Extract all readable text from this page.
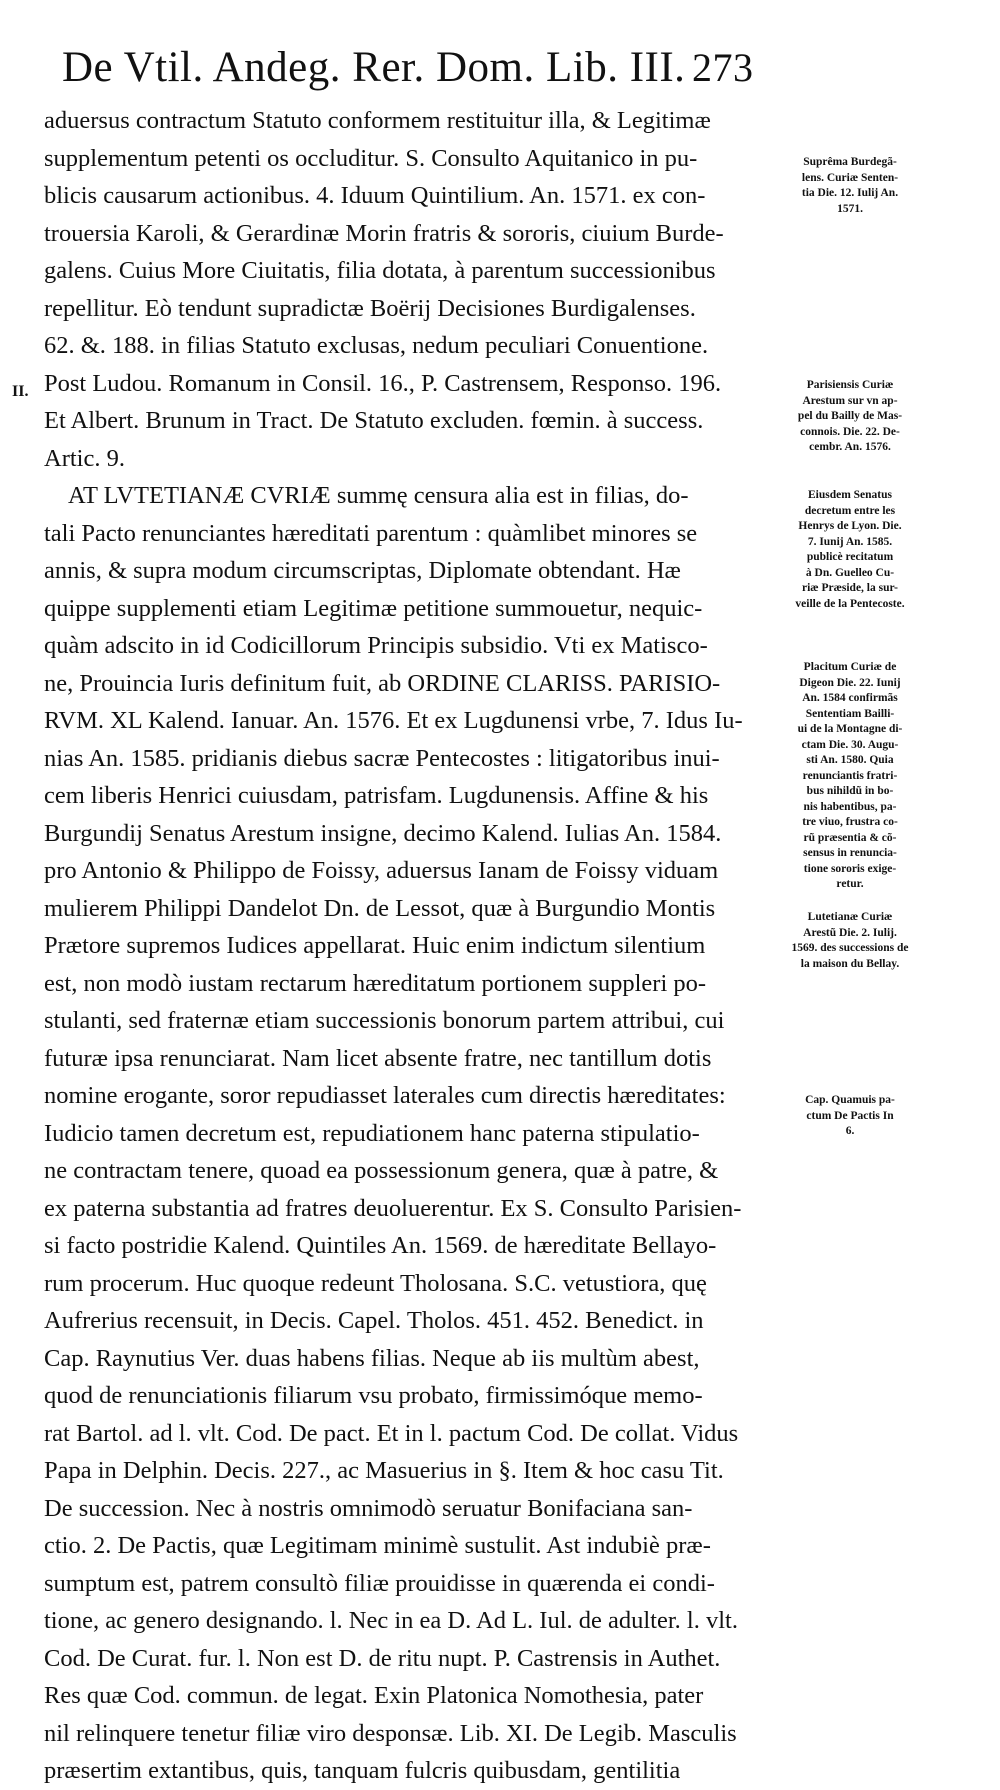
De Vtil. Andeg. Rer. Dom. Lib. III. 273
II.
aduersus contractum Statuto conformem restituitur illa, & Legitimæ
supplementum petenti os occluditur. S. Consulto Aquitanico in pu-
blicis causarum actionibus. 4. Iduum Quintilium. An. 1571. ex con-
trouersia Karoli, & Gerardinæ Morin fratris & sororis, ciuium Burde-
galens. Cuius More Ciuitatis, filia dotata, à parentum successionibus
repellitur. Eò tendunt supradictæ Boërij Decisiones Burdigalenses.
62. &. 188. in filias Statuto exclusas, nedum peculiari Conuentione.
Post Ludou. Romanum in Consil. 16., P. Castrensem, Responso. 196.
Et Albert. Brunum in Tract. De Statuto excluden. fœmin. à success.
Artic. 9.
AT LVTETIANÆ CVRIÆ summę censura alia est in filias, do-
tali Pacto renunciantes hæreditati parentum : quàmlibet minores se
annis, & supra modum circumscriptas, Diplomate obtendant. Hæ
quippe supplementi etiam Legitimæ petitione summouetur, nequic-
quàm adscito in id Codicillorum Principis subsidio. Vti ex Matisco-
ne, Prouincia Iuris definitum fuit, ab ORDINE CLARISS. PARISIO-
RVM. XL Kalend. Ianuar. An. 1576. Et ex Lugdunensi vrbe, 7. Idus Iu-
nias An. 1585. pridianis diebus sacræ Pentecostes : litigatoribus inui-
cem liberis Henrici cuiusdam, patrisfam. Lugdunensis. Affine & his
Burgundij Senatus Arestum insigne, decimo Kalend. Iulias An. 1584.
pro Antonio & Philippo de Foissy, aduersus Ianam de Foissy viduam
mulierem Philippi Dandelot Dn. de Lessot, quæ à Burgundio Montis
Prætore supremos Iudices appellarat. Huic enim indictum silentium
est, non modò iustam rectarum hæreditatum portionem suppleri po-
stulanti, sed fraternæ etiam successionis bonorum partem attribui, cui
futuræ ipsa renunciarat. Nam licet absente fratre, nec tantillum dotis
nomine erogante, soror repudiasset laterales cum directis hæreditates:
Iudicio tamen decretum est, repudiationem hanc paterna stipulatio-
ne contractam tenere, quoad ea possessionum genera, quæ à patre, &
ex paterna substantia ad fratres deuoluerentur. Ex S. Consulto Parisien-
si facto postridie Kalend. Quintiles An. 1569. de hæreditate Bellayo-
rum procerum. Huc quoque redeunt Tholosana. S.C. vetustiora, quę
Aufrerius recensuit, in Decis. Capel. Tholos. 451. 452. Benedict. in
Cap. Raynutius Ver. duas habens filias. Neque ab iis multùm abest,
quod de renunciationis filiarum vsu probato, firmissimóque memo-
rat Bartol. ad l. vlt. Cod. De pact. Et in l. pactum Cod. De collat. Vidus
Papa in Delphin. Decis. 227., ac Masuerius in §. Item & hoc casu Tit.
De succession. Nec à nostris omnimodò seruatur Bonifaciana san-
ctio. 2. De Pactis, quæ Legitimam minimè sustulit. Ast indubiè præ-
sumptum est, patrem consultò filiæ prouidisse in quærenda ei condi-
tione, ac genero designando. l. Nec in ea D. Ad L. Iul. de adulter. l. vlt.
Cod. De Curat. fur. l. Non est D. de ritu nupt. P. Castrensis in Authet.
Res quæ Cod. commun. de legat. Exin Platonica Nomothesia, pater
nil relinquere tenetur filiæ viro desponsæ. Lib. XI. De Legib. Masculis
præsertim extantibus, quis, tanquam fulcris quibusdam, gentilitia
Suprêma Burdegã-
lens. Curiæ Senten-
tia Die. 12. Iulij An.
1571.
Parisiensis Curiæ
Arestum sur vn ap-
pel du Bailly de Mas-
connois. Die. 22. De-
cembr. An. 1576.
Eiusdem Senatus
decretum entre les
Henrys de Lyon. Die.
7. Iunij An. 1585.
publicè recitatum
à Dn. Guelleo Cu-
riæ Præside, la sur-
veille de la Pentecoste.
Placitum Curiæ de
Digeon Die. 22. Iunij
An. 1584 confirmãs
Sententiam Bailli-
ui de la Montagne di-
ctam Die. 30. Augu-
sti An. 1580. Quia
renunciantis fratri-
bus nihildũ in bo-
nis habentibus, pa-
tre viuo, frustra co-
rũ præsentia & cõ-
sensus in renuncia-
tione sororis exige-
retur.
Lutetianæ Curiæ
Arestũ Die. 2. Iulij.
1569. des successions de
la maison du Bellay.
Cap. Quamuis pa-
ctum De Pactis In
6.
